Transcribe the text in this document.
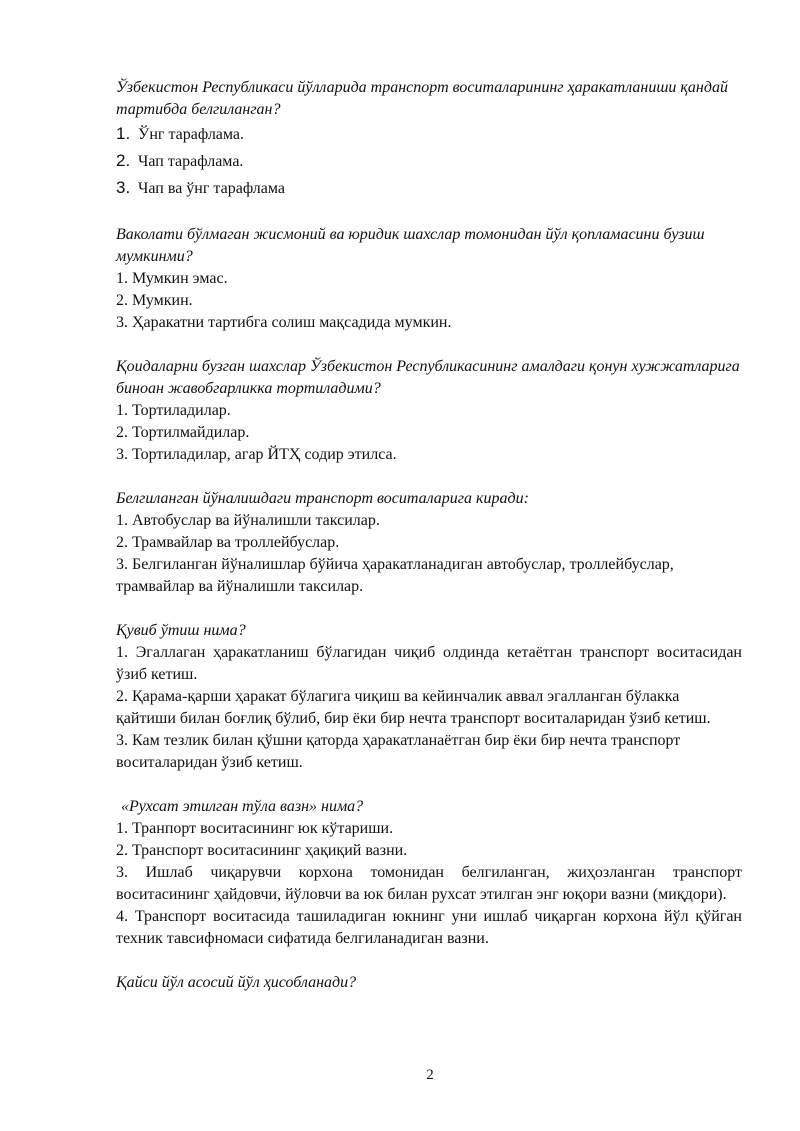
Ўзбекистон Республикаси йўлларида транспорт воситаларининг ҳаракатланиши қандай тартибда белгиланган?

1. Ўнг тарафлама.
2. Чап тарафлама.
3. Чап ва ўнг тарафлама

Ваколати бўлмаган жисмоний ва юридик шахслар томонидан йўл қопламасини бузиш мумкинми?

1. Мумкин эмас.

2. Мумкин.

3. Ҳаракатни тартибга солиш мақсадида мумкин.

Қоидаларни бузган шахслар Ўзбекистон Республикасининг амалдаги қонун хужжатларига биноан жавобгарликка тортиладими?

1. Тортиладилар.

2. Тортилмайдилар.

3. Тортиладилар, агар ЙТҲ содир этилса.

Белгиланган йўналишдаги транспорт воситаларига киради:

1. Автобуслар ва йўналишли таксилар.

2. Трамвайлар ва троллейбуслар.

3. Белгиланган йўналишлар бўйича ҳаракатланадиган автобуслар, троллейбуслар, трамвайлар ва йўналишли таксилар.

Қувиб ўтиш нима?

1. Эгаллаган ҳаракатланиш бўлагидан чиқиб олдинда кетаётган транспорт воситасидан ўзиб кетиш.

2. Қарама-қарши ҳаракат бўлагига чиқиш ва кейинчалик аввал эгалланган бўлакка қайтиши билан боғлиқ бўлиб, бир ёки бир нечта транспорт воситаларидан ўзиб кетиш.

3. Кам тезлик билан қўшни қаторда ҳаракатланаётган бир ёки бир нечта транспорт воситаларидан ўзиб кетиш.

«Рухсат этилган тўла вазн» нима?

1. Транпорт воситасининг юк кўтариши.

2. Транспорт воситасининг ҳақиқий вазни.

3. Ишлаб чиқарувчи корхона томонидан белгиланган, жиҳозланган транспорт воситасининг ҳайдовчи, йўловчи ва юк билан рухсат этилган энг юқори вазни (миқдори).

4. Транспорт воситасида ташиладиган юкнинг уни ишлаб чиқарган корхона йўл қўйган техник тавсифномаси сифатида белгиланадиган вазни.

Қайси йўл асосий йўл ҳисобланади?

2
